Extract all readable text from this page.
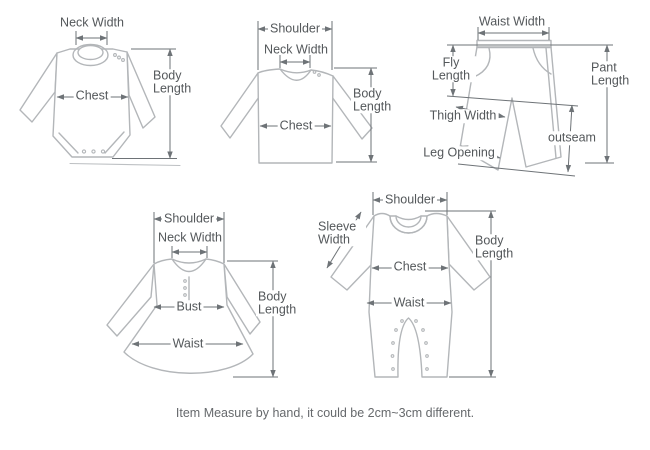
Neck Width
Chest
Body Length
Shoulder
Neck Width
Chest
Body Length
Waist Width
Fly Length
Thigh Width
Leg Opening
outseam
Pant Length
Shoulder
Neck Width
Bust
Waist
Body Length
Shoulder
Sleeve Width
Chest
Waist
Body Length
Item Measure by hand, it could be 2cm~3cm different.
